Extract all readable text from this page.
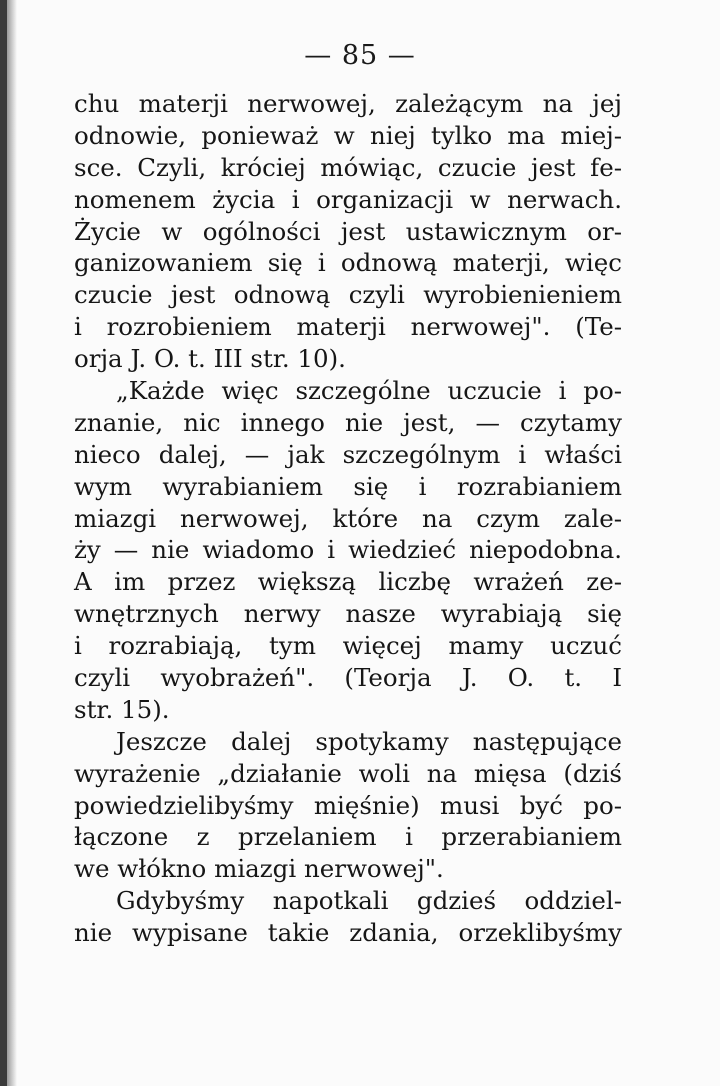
— 85 —
chu materji nerwowej, zależącym na jej
odnowie, ponieważ w niej tylko ma miej-
sce. Czyli, króciej mówiąc, czucie jest fe-
nomenem życia i organizacji w nerwach.
Życie w ogólności jest ustawicznym or-
ganizowaniem się i odnową materji, więc
czucie jest odnową czyli wyrobienieniem
i rozrobieniem materji nerwowej". (Te-
orja J. O. t. III str. 10).
„Każde więc szczególne uczucie i po-
znanie, nic innego nie jest, — czytamy
nieco dalej, — jak szczególnym i właści
wym wyrabianiem się i rozrabianiem
miazgi nerwowej, które na czym zale-
ży — nie wiadomo i wiedzieć niepodobna.
A im przez większą liczbę wrażeń ze-
wnętrznych nerwy nasze wyrabiają się
i rozrabiają, tym więcej mamy uczuć
czyli wyobrażeń". (Teorja J. O. t. I
str. 15).
Jeszcze dalej spotykamy następujące
wyrażenie „działanie woli na mięsa (dziś
powiedzielibyśmy mięśnie) musi być po-
łączone z przelaniem i przerabianiem
we włókno miazgi nerwowej".
Gdybyśmy napotkali gdzieś oddziel-
nie wypisane takie zdania, orzeklibyśmy
